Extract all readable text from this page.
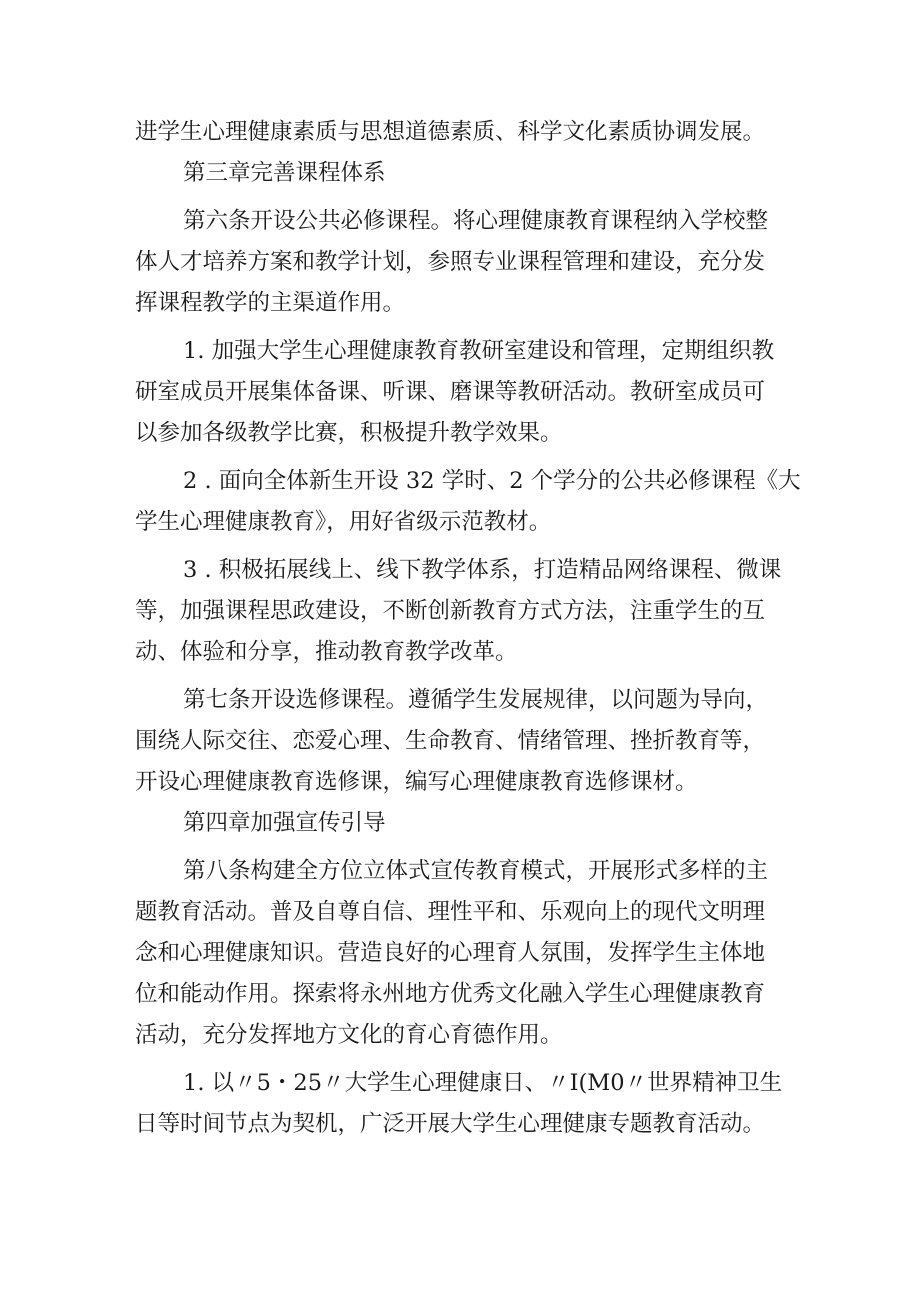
进学生心理健康素质与思想道德素质、科学文化素质协调发展。

第三章完善课程体系

第六条开设公共必修课程。将心理健康教育课程纳入学校整

体人才培养方案和教学计划，参照专业课程管理和建设，充分发

挥课程教学的主渠道作用。

1. 加强大学生心理健康教育教研室建设和管理，定期组织教

研室成员开展集体备课、听课、磨课等教研活动。教研室成员可

以参加各级教学比赛，积极提升教学效果。

2 . 面向全体新生开设 32 学时、2 个学分的公共必修课程《大

学生心理健康教育》，用好省级示范教材。

3 . 积极拓展线上、线下教学体系，打造精品网络课程、微课

等，加强课程思政建设，不断创新教育方式方法，注重学生的互

动、体验和分享，推动教育教学改革。

第七条开设选修课程。遵循学生发展规律，以问题为导向，

围绕人际交往、恋爱心理、生命教育、情绪管理、挫折教育等，

开设心理健康教育选修课，编写心理健康教育选修课材。

第四章加强宣传引导

第八条构建全方位立体式宣传教育模式，开展形式多样的主

题教育活动。普及自尊自信、理性平和、乐观向上的现代文明理

念和心理健康知识。营造良好的心理育人氛围，发挥学生主体地

位和能动作用。探索将永州地方优秀文化融入学生心理健康教育

活动，充分发挥地方文化的育心育德作用。

1. 以〃5・25〃大学生心理健康日、〃I(M0〃世界精神卫生

日等时间节点为契机，广泛开展大学生心理健康专题教育活动。
